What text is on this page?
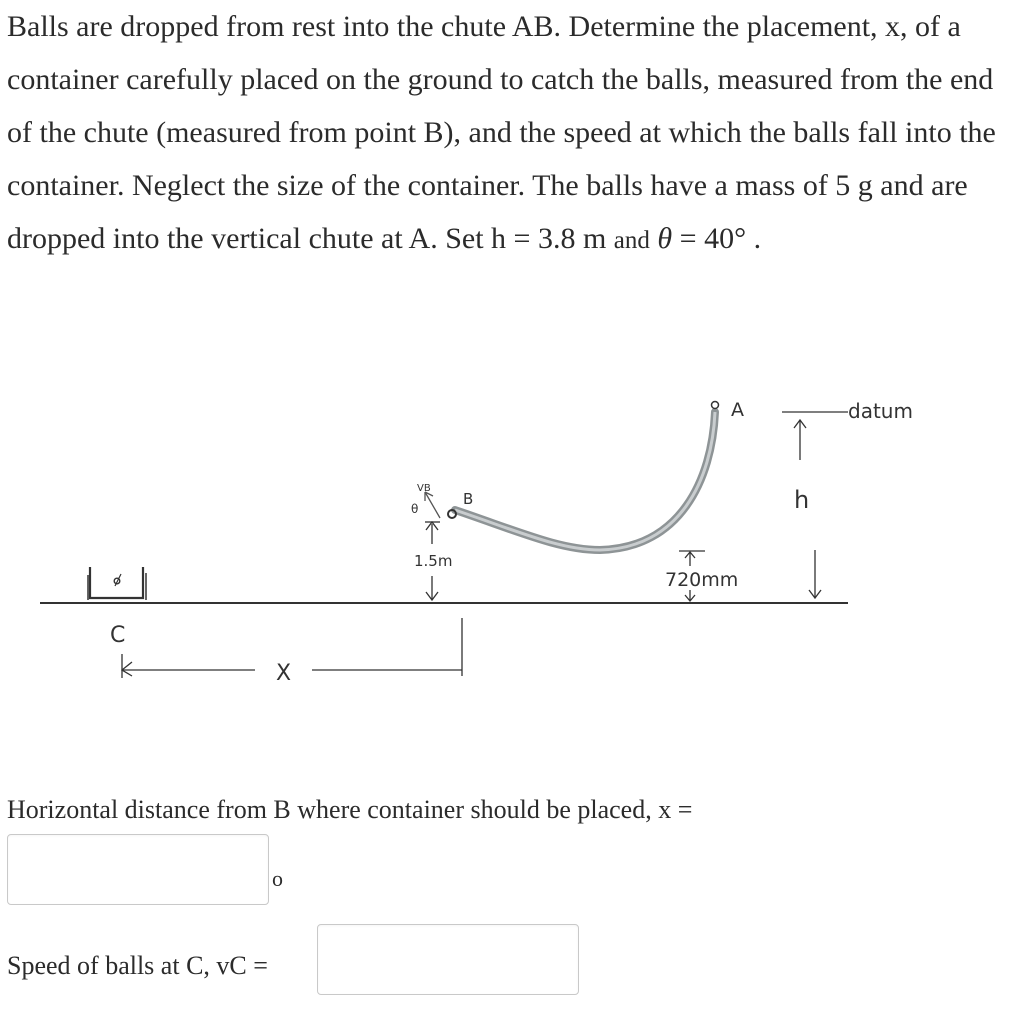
Balls are dropped from rest into the chute AB. Determine the placement, x, of a container carefully placed on the ground to catch the balls, measured from the end of the chute (measured from point B), and the speed at which the balls fall into the container. Neglect the size of the container. The balls have a mass of 5 g and are dropped into the vertical chute at A. Set h = 3.8 m and θ = 40° .

A
B
VB
θ
1.5m
720mm
h
datum
C
X
Horizontal distance from B where container should be placed, x =
o
Speed of balls at C, vC =
